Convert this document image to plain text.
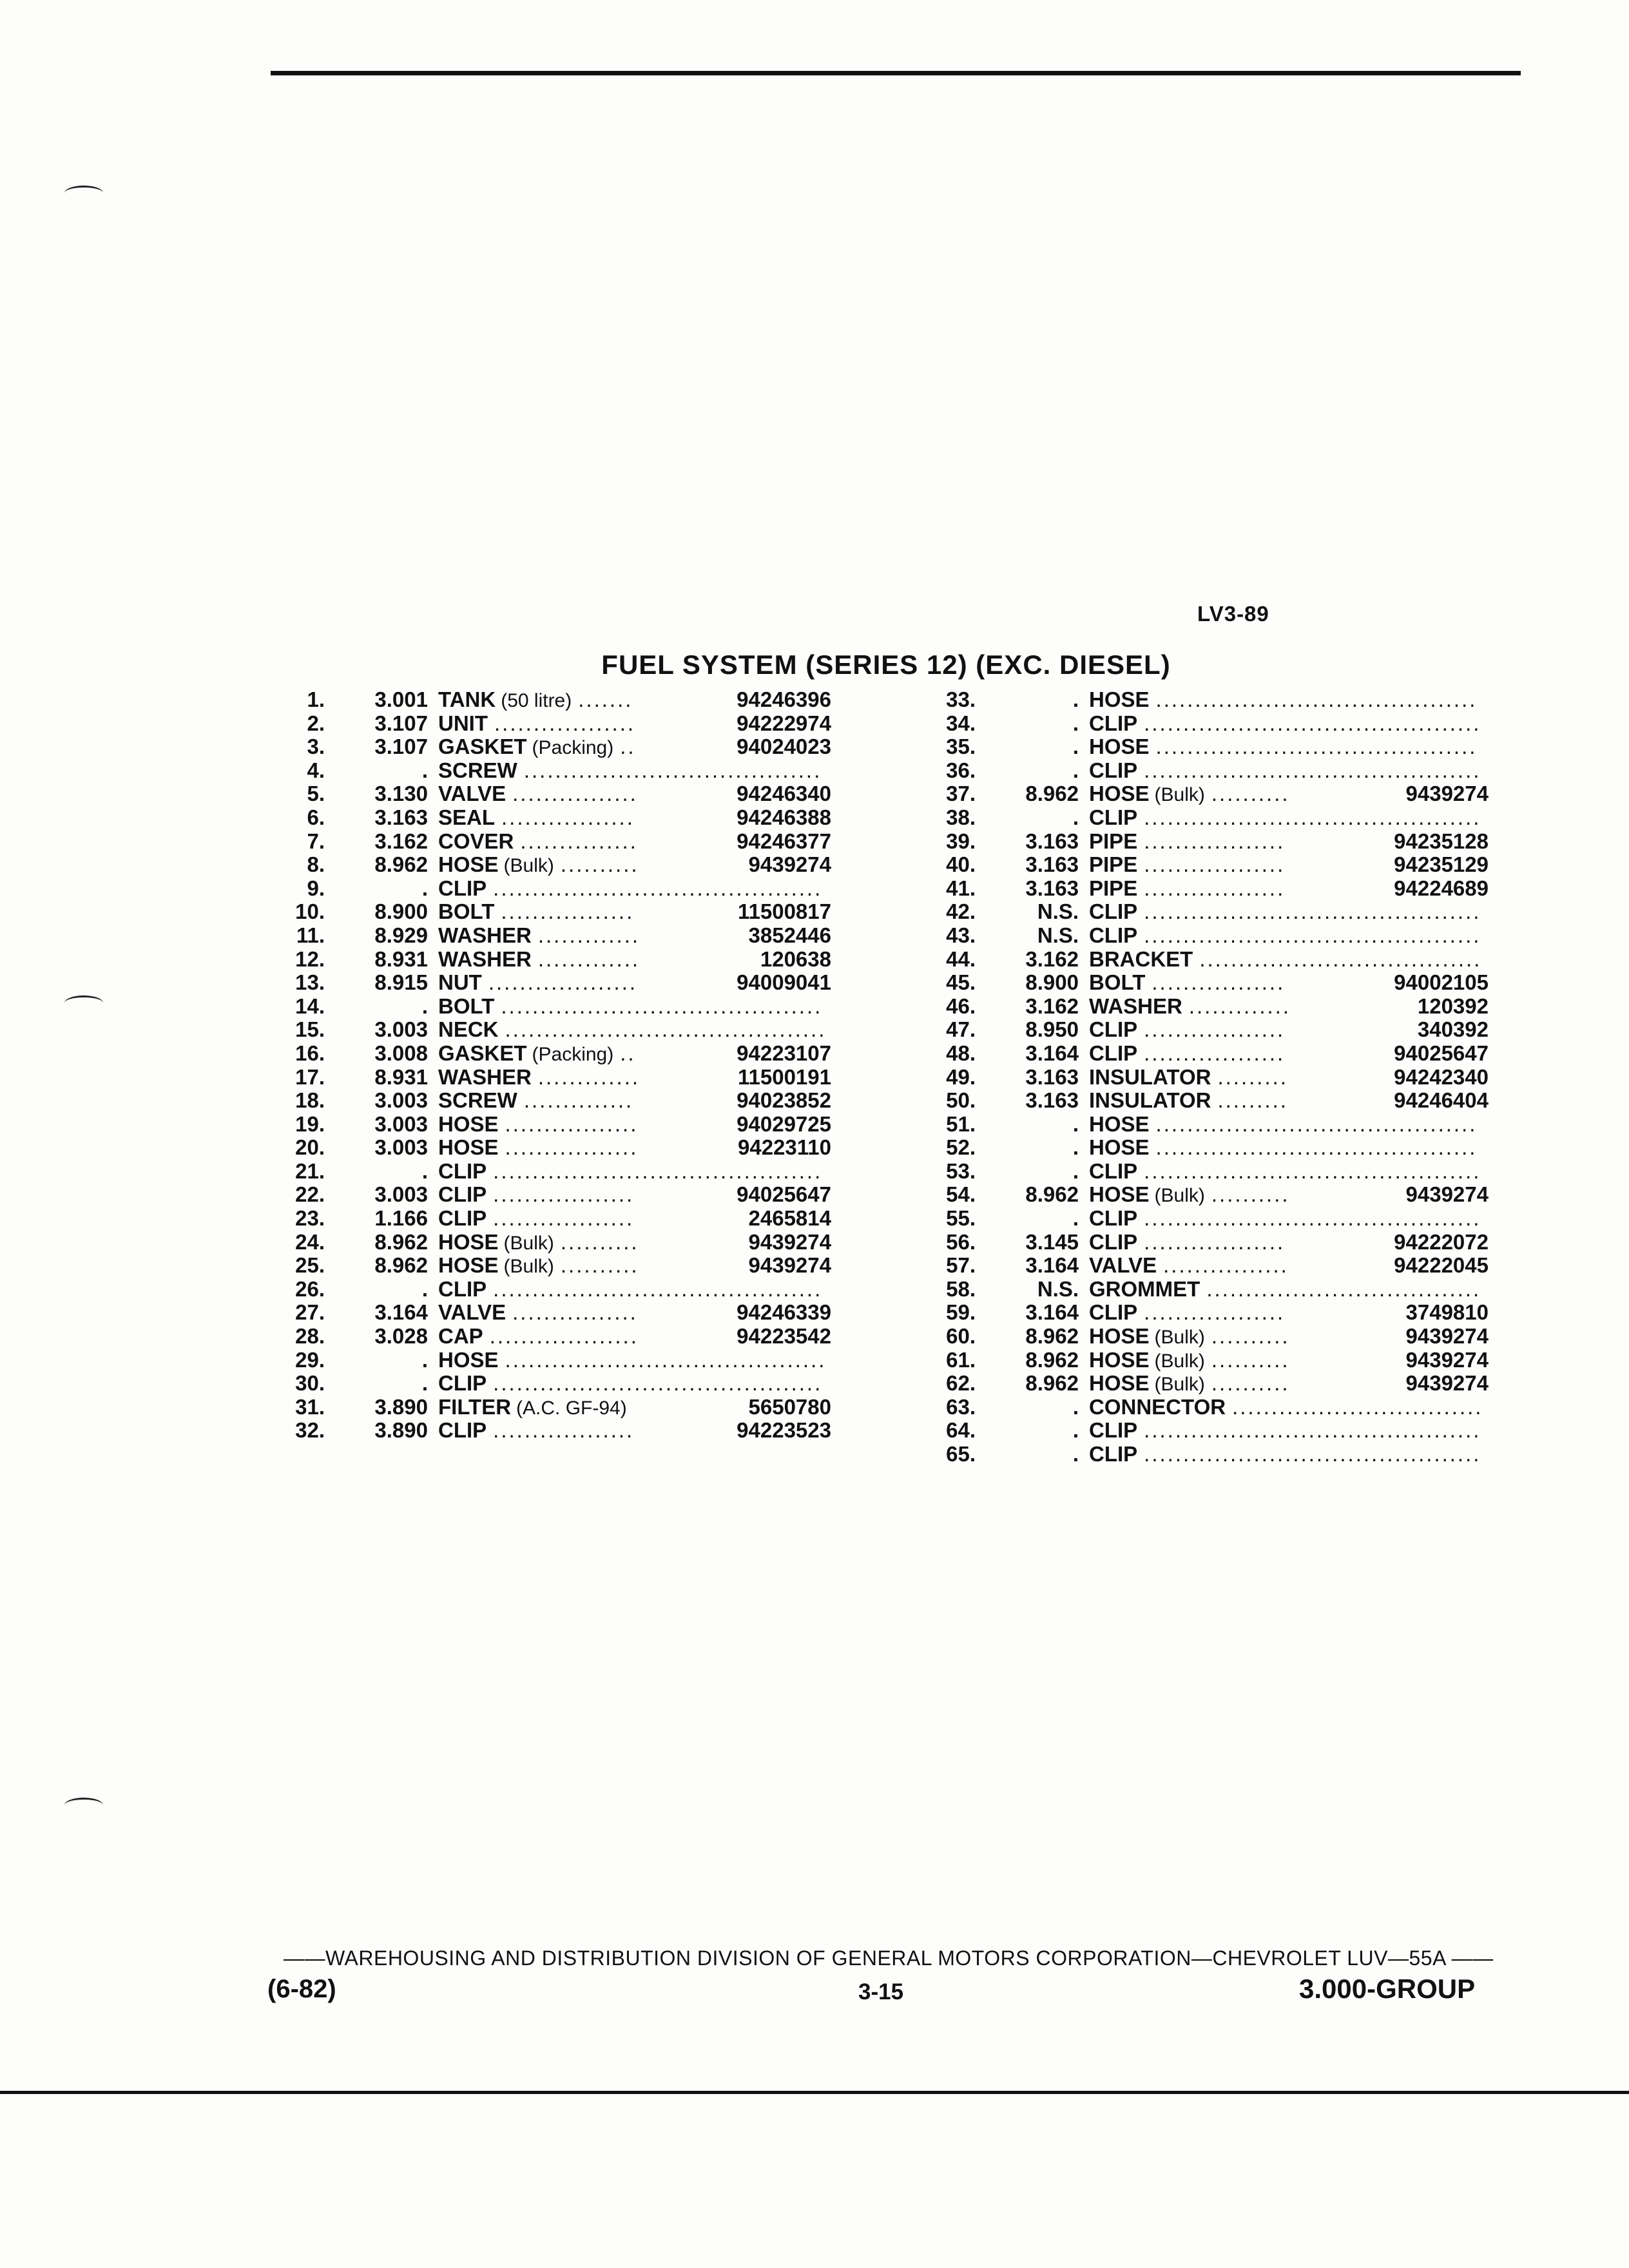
LV3-89
FUEL SYSTEM (SERIES 12) (EXC. DIESEL)
1.	3.001 TANK (50 litre) .......	94246396
2.	3.107 UNIT ..................	94222974
3.	3.107 GASKET (Packing) ..	94024023
4.	. SCREW ......................................
5.	3.130 VALVE ................	94246340
6.	3.163 SEAL .................	94246388
7.	3.162 COVER ...............	94246377
8.	8.962 HOSE (Bulk) ..........	9439274
9.	. CLIP ..........................................
10.	8.900 BOLT .................	11500817
11.	8.929 WASHER .............	3852446
12.	8.931 WASHER .............	120638
13.	8.915 NUT ...................	94009041
14.	. BOLT .........................................
15.	3.003 NECK .........................................
16.	3.008 GASKET (Packing) ..	94223107
17.	8.931 WASHER .............	11500191
18.	3.003 SCREW ..............	94023852
19.	3.003 HOSE .................	94029725
20.	3.003 HOSE .................	94223110
21.	. CLIP ..........................................
22.	3.003 CLIP ..................	94025647
23.	1.166 CLIP ..................	2465814
24.	8.962 HOSE (Bulk) ..........	9439274
25.	8.962 HOSE (Bulk) ..........	9439274
26.	. CLIP ..........................................
27.	3.164 VALVE ................	94246339
28.	3.028 CAP ...................	94223542
29.	. HOSE .........................................
30.	. CLIP ..........................................
31.	3.890 FILTER (A.C. GF-94)	5650780
32.	3.890 CLIP ..................	94223523
33.	. HOSE .........................................
34.	. CLIP ...........................................
35.	. HOSE .........................................
36.	. CLIP ...........................................
37.	8.962 HOSE (Bulk) ..........	9439274
38.	. CLIP ...........................................
39.	3.163 PIPE ..................	94235128
40.	3.163 PIPE ..................	94235129
41.	3.163 PIPE ..................	94224689
42.	N.S. CLIP ...........................................
43.	N.S. CLIP ...........................................
44.	3.162 BRACKET ....................................
45.	8.900 BOLT .................	94002105
46.	3.162 WASHER .............	120392
47.	8.950 CLIP ..................	340392
48.	3.164 CLIP ..................	94025647
49.	3.163 INSULATOR .........	94242340
50.	3.163 INSULATOR .........	94246404
51.	. HOSE .........................................
52.	. HOSE .........................................
53.	. CLIP ...........................................
54.	8.962 HOSE (Bulk) ..........	9439274
55.	. CLIP ...........................................
56.	3.145 CLIP ..................	94222072
57.	3.164 VALVE ................	94222045
58.	N.S. GROMMET ...................................
59.	3.164 CLIP ..................	3749810
60.	8.962 HOSE (Bulk) ..........	9439274
61.	8.962 HOSE (Bulk) ..........	9439274
62.	8.962 HOSE (Bulk) ..........	9439274
63.	. CONNECTOR ................................
64.	. CLIP ...........................................
65.	. CLIP ...........................................
——WAREHOUSING AND DISTRIBUTION DIVISION OF GENERAL MOTORS CORPORATION—CHEVROLET LUV—55A ——
(6-82)	3-15	3.000-GROUP
